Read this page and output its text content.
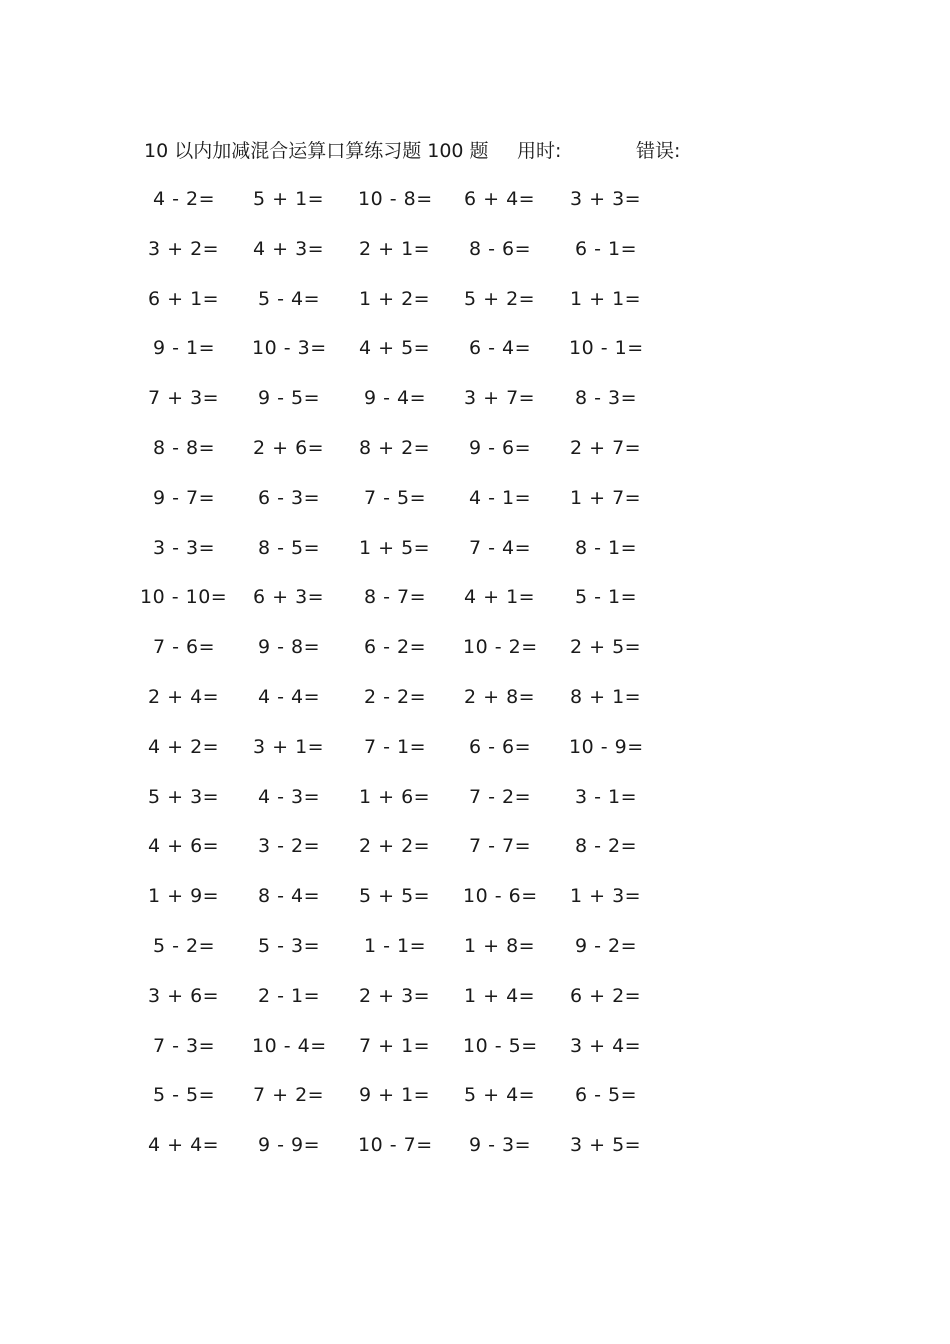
10 以内加减混合运算口算练习题 100 题 用时:	错误:
4 - 2= 5 + 1= 10 - 8= 6 + 4= 3 + 3=
3 + 2= 4 + 3= 2 + 1= 8 - 6= 6 - 1=
6 + 1= 5 - 4= 1 + 2= 5 + 2= 1 + 1=
9 - 1= 10 - 3= 4 + 5= 6 - 4= 10 - 1=
7 + 3= 9 - 5= 9 - 4= 3 + 7= 8 - 3=
8 - 8= 2 + 6= 8 + 2= 9 - 6= 2 + 7=
9 - 7= 6 - 3= 7 - 5= 4 - 1= 1 + 7=
3 - 3= 8 - 5= 1 + 5= 7 - 4= 8 - 1=
10 - 10= 6 + 3= 8 - 7= 4 + 1= 5 - 1=
7 - 6= 9 - 8= 6 - 2= 10 - 2= 2 + 5=
2 + 4= 4 - 4= 2 - 2= 2 + 8= 8 + 1=
4 + 2= 3 + 1= 7 - 1= 6 - 6= 10 - 9=
5 + 3= 4 - 3= 1 + 6= 7 - 2= 3 - 1=
4 + 6= 3 - 2= 2 + 2= 7 - 7= 8 - 2=
1 + 9= 8 - 4= 5 + 5= 10 - 6= 1 + 3=
5 - 2= 5 - 3= 1 - 1= 1 + 8= 9 - 2=
3 + 6= 2 - 1= 2 + 3= 1 + 4= 6 + 2=
7 - 3= 10 - 4= 7 + 1= 10 - 5= 3 + 4=
5 - 5= 7 + 2= 9 + 1= 5 + 4= 6 - 5=
4 + 4= 9 - 9= 10 - 7= 9 - 3= 3 + 5=
